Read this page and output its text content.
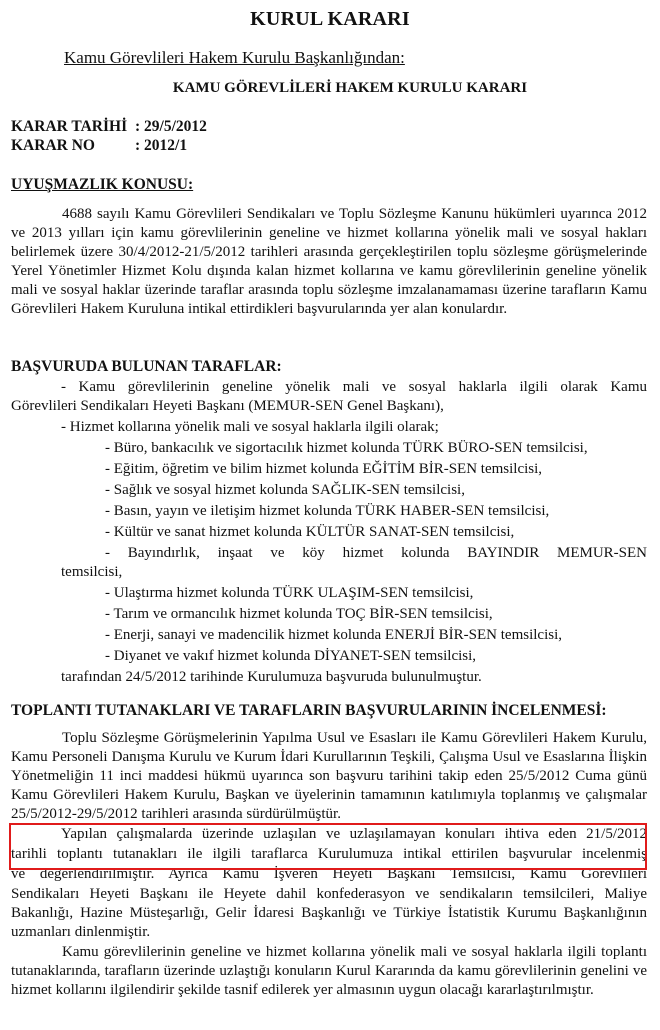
KURUL KARARI
Kamu Görevlileri Hakem Kurulu Başkanlığından:
KAMU GÖREVLİLERİ HAKEM KURULU KARARI
KARAR TARİHİ : 29/5/2012
KARAR NO	: 2012/1
UYUŞMAZLIK KONUSU:
4688 sayılı Kamu Görevlileri Sendikaları ve Toplu Sözleşme Kanunu hükümleri uyarınca 2012 ve 2013 yılları için kamu görevlilerinin geneline ve hizmet kollarına yönelik mali ve sosyal hakları belirlemek üzere 30/4/2012-21/5/2012 tarihleri arasında gerçekleştirilen toplu sözleşme görüşmelerinde Yerel Yönetimler Hizmet Kolu dışında kalan hizmet kollarına ve kamu görevlilerinin geneline yönelik mali ve sosyal haklar üzerinde taraflar arasında toplu sözleşme imzalanamaması üzerine tarafların Kamu Görevlileri Hakem Kuruluna intikal ettirdikleri başvurularında yer alan konulardır.
BAŞVURUDA BULUNAN TARAFLAR:
- Kamu görevlilerinin geneline yönelik mali ve sosyal haklarla ilgili olarak Kamu
Görevlileri Sendikaları Heyeti Başkanı (MEMUR-SEN Genel Başkanı),
- Hizmet kollarına yönelik mali ve sosyal haklarla ilgili olarak;
- Büro, bankacılık ve sigortacılık hizmet kolunda TÜRK BÜRO-SEN temsilcisi,
- Eğitim, öğretim ve bilim hizmet kolunda EĞİTİM BİR-SEN temsilcisi,
- Sağlık ve sosyal hizmet kolunda SAĞLIK-SEN temsilcisi,
- Basın, yayın ve iletişim hizmet kolunda TÜRK HABER-SEN temsilcisi,
- Kültür ve sanat hizmet kolunda KÜLTÜR SANAT-SEN temsilcisi,
- Bayındırlık, inşaat ve köy hizmet kolunda BAYINDIR MEMUR-SEN
temsilcisi,
- Ulaştırma hizmet kolunda TÜRK ULAŞIM-SEN temsilcisi,
- Tarım ve ormancılık hizmet kolunda TOÇ BİR-SEN temsilcisi,
- Enerji, sanayi ve madencilik hizmet kolunda ENERJİ BİR-SEN temsilcisi,
- Diyanet ve vakıf hizmet kolunda DİYANET-SEN temsilcisi,
tarafından 24/5/2012 tarihinde Kurulumuza başvuruda bulunulmuştur.
TOPLANTI TUTANAKLARI VE TARAFLARIN BAŞVURULARININ İNCELENMESİ:
Toplu Sözleşme Görüşmelerinin Yapılma Usul ve Esasları ile Kamu Görevlileri Hakem Kurulu, Kamu Personeli Danışma Kurulu ve Kurum İdari Kurullarının Teşkili, Çalışma Usul ve Esaslarına İlişkin Yönetmeliğin 11 inci maddesi hükmü uyarınca son başvuru tarihini takip eden 25/5/2012 Cuma günü Kamu Görevlileri Hakem Kurulu, Başkan ve üyelerinin tamamının katılımıyla toplanmış ve çalışmalar 25/5/2012-29/5/2012 tarihleri arasında sürdürülmüştür.
Yapılan çalışmalarda üzerinde uzlaşılan ve uzlaşılamayan konuları ihtiva eden 21/5/2012
tarihli toplantı tutanakları ile ilgili taraflarca Kurulumuza intikal ettirilen başvurular incelenmiş
ve değerlendirilmiştir. Ayrıca Kamu İşveren Heyeti Başkanı Temsilcisi, Kamu Görevlileri
Sendikaları Heyeti Başkanı ile Heyete dahil konfederasyon ve sendikaların temsilcileri, Maliye Bakanlığı, Hazine Müsteşarlığı, Gelir İdaresi Başkanlığı ve Türkiye İstatistik Kurumu Başkanlığının uzmanları dinlenmiştir.
Kamu görevlilerinin geneline ve hizmet kollarına yönelik mali ve sosyal haklarla ilgili toplantı tutanaklarında, tarafların üzerinde uzlaştığı konuların Kurul Kararında da kamu görevlilerinin genelini ve hizmet kollarını ilgilendirir şekilde tasnif edilerek yer almasının uygun olacağı kararlaştırılmıştır.
